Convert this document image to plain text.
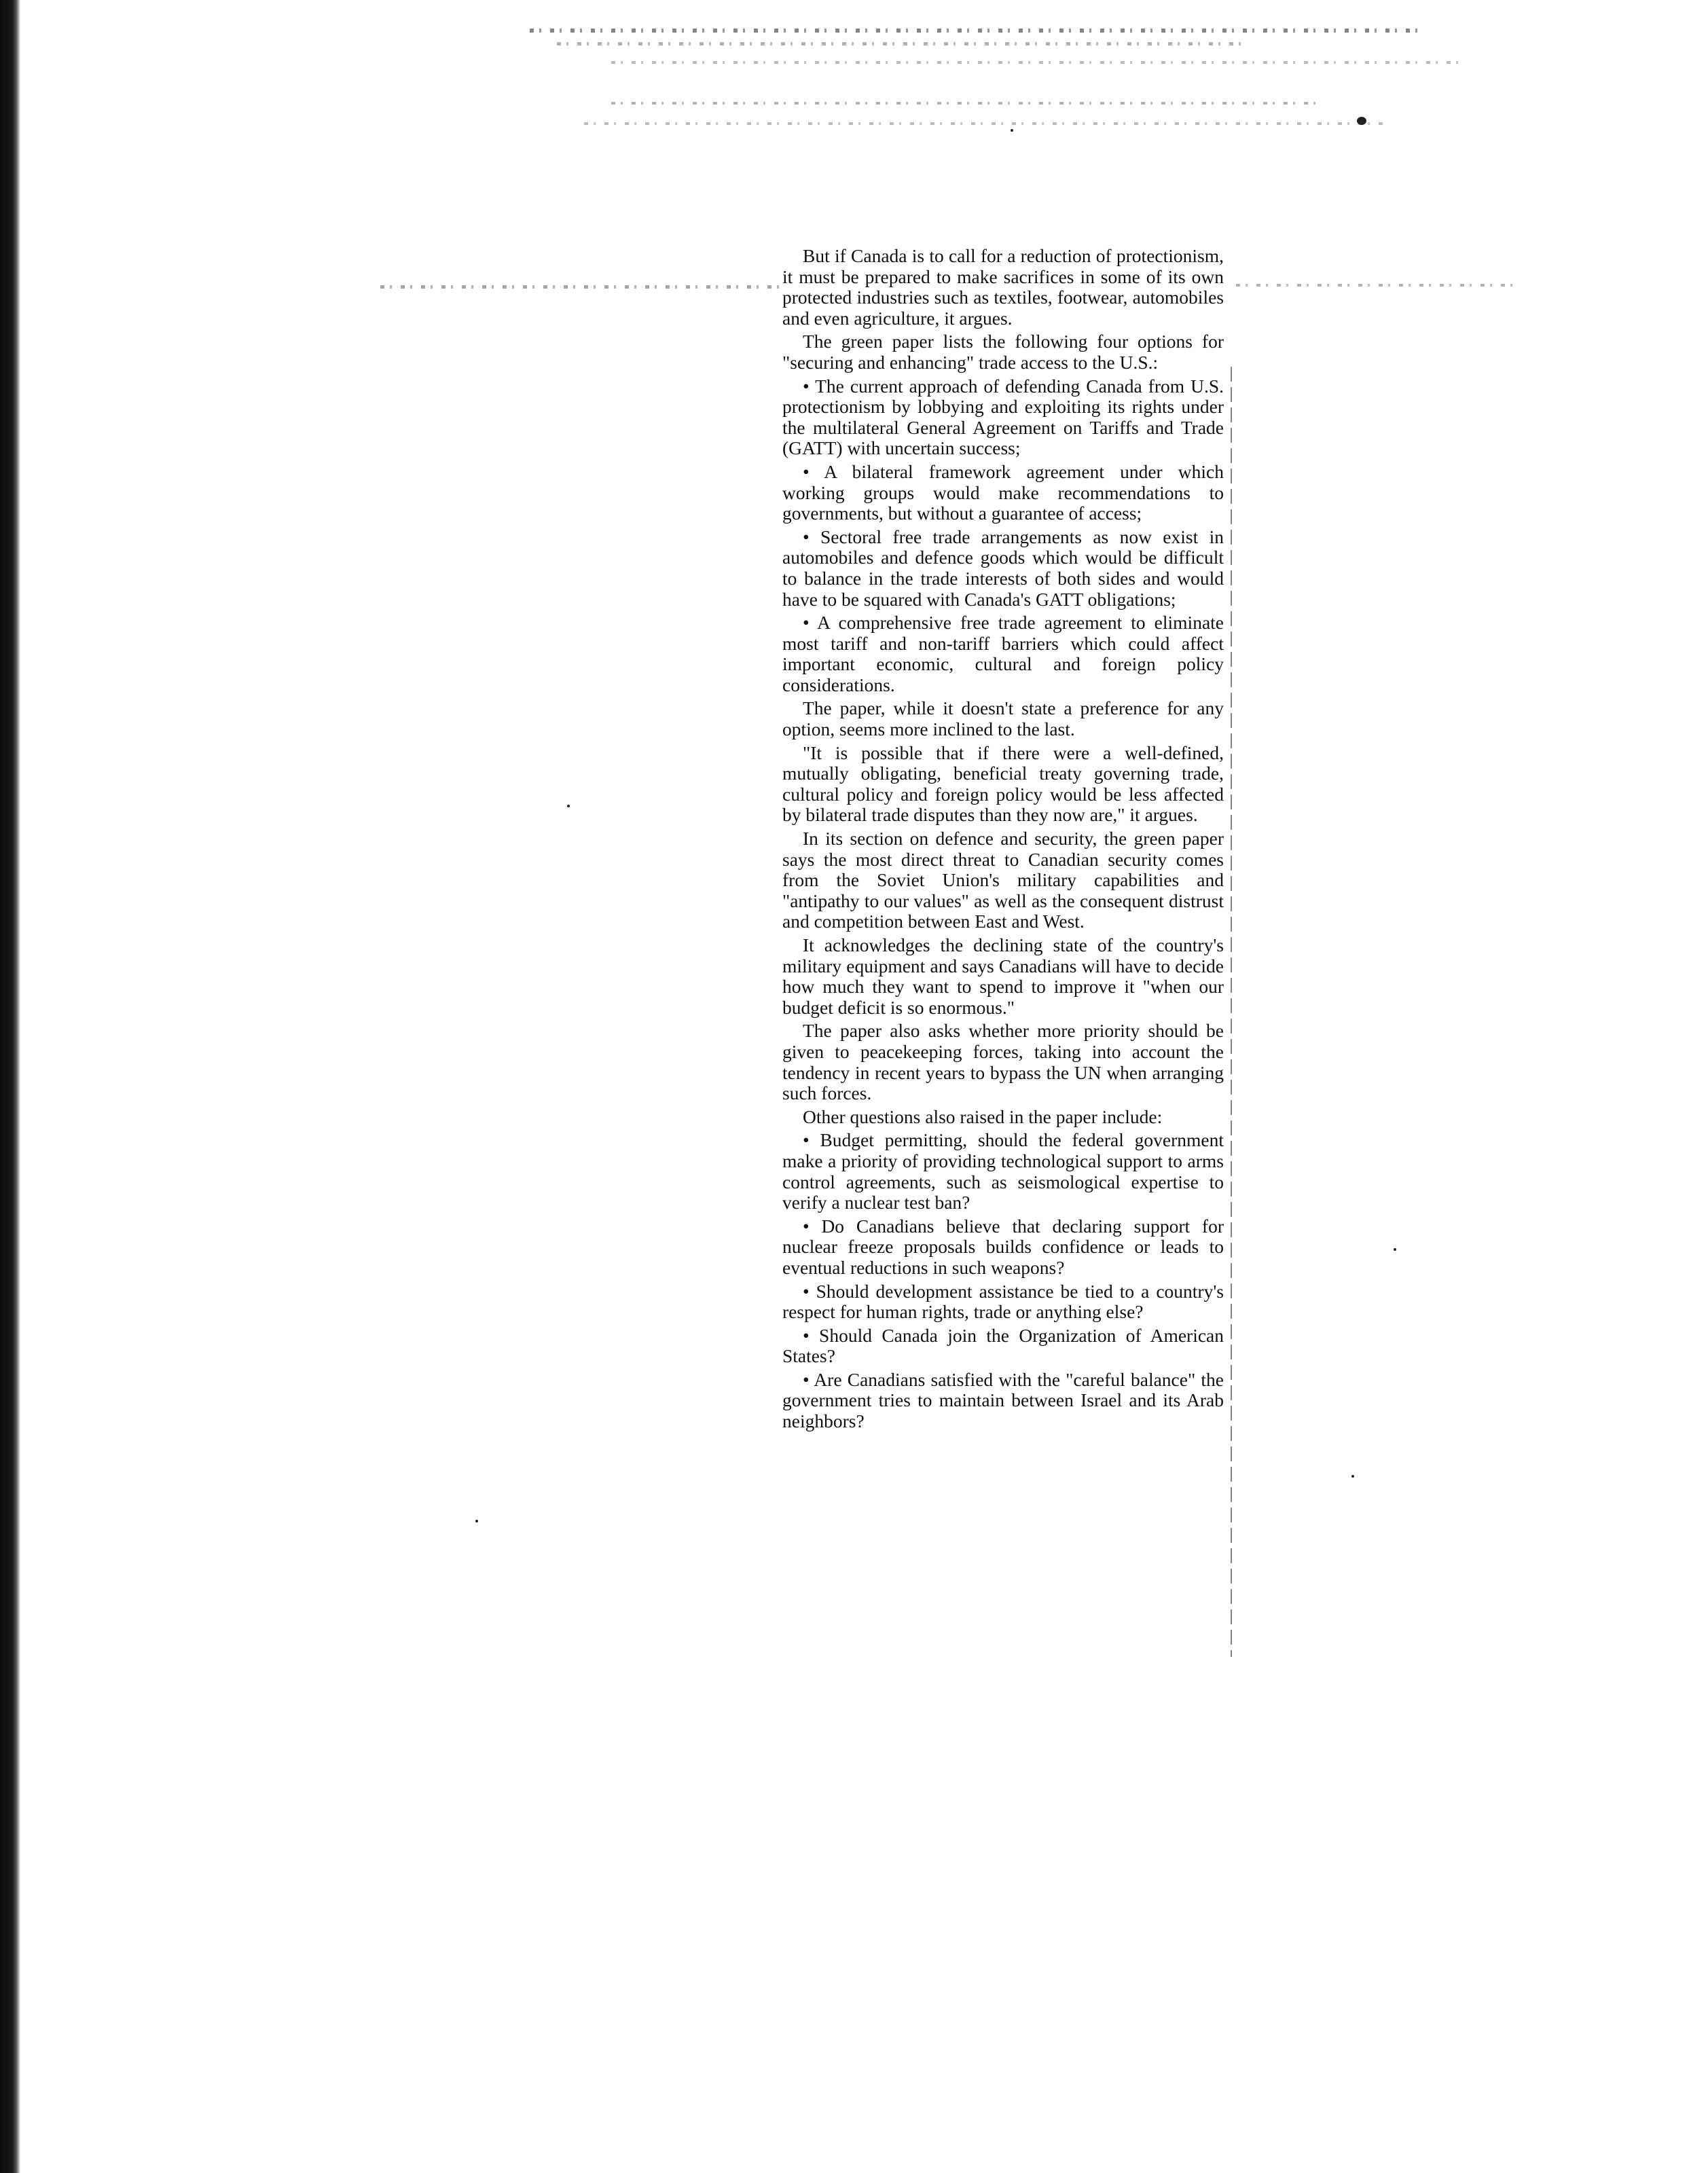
But if Canada is to call for a reduction of protectionism, it must be prepared to make sacrifices in some of its own protected industries such as textiles, footwear, automobiles and even agriculture, it argues.

The green paper lists the following four options for "securing and enhancing" trade access to the U.S.:

• The current approach of defending Canada from U.S. protectionism by lobbying and exploiting its rights under the multilateral General Agreement on Tariffs and Trade (GATT) with uncertain success;

• A bilateral framework agreement under which working groups would make recommendations to governments, but without a guarantee of access;

• Sectoral free trade arrangements as now exist in automobiles and defence goods which would be difficult to balance in the trade interests of both sides and would have to be squared with Canada's GATT obligations;

• A comprehensive free trade agreement to eliminate most tariff and non-tariff barriers which could affect important economic, cultural and foreign policy considerations.

The paper, while it doesn't state a preference for any option, seems more inclined to the last.

"It is possible that if there were a well-defined, mutually obligating, beneficial treaty governing trade, cultural policy and foreign policy would be less affected by bilateral trade disputes than they now are," it argues.

In its section on defence and security, the green paper says the most direct threat to Canadian security comes from the Soviet Union's military capabilities and "antipathy to our values" as well as the consequent distrust and competition between East and West.

It acknowledges the declining state of the country's military equipment and says Canadians will have to decide how much they want to spend to improve it "when our budget deficit is so enormous."

The paper also asks whether more priority should be given to peacekeeping forces, taking into account the tendency in recent years to bypass the UN when arranging such forces.

Other questions also raised in the paper include:

• Budget permitting, should the federal government make a priority of providing technological support to arms control agreements, such as seismological expertise to verify a nuclear test ban?

• Do Canadians believe that declaring support for nuclear freeze proposals builds confidence or leads to eventual reductions in such weapons?

• Should development assistance be tied to a country's respect for human rights, trade or anything else?

• Should Canada join the Organization of American States?

• Are Canadians satisfied with the "careful balance" the government tries to maintain between Israel and its Arab neighbors?
